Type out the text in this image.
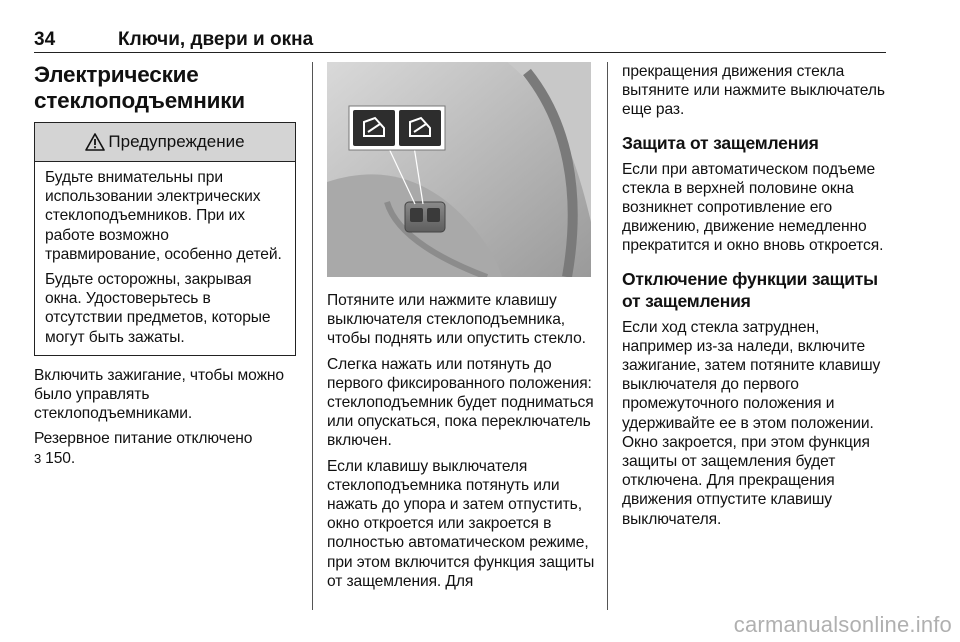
34	Ключи, двери и окна
Электрические
стеклоподъемники
Предупреждение

Будьте внимательны при использовании электрических стеклоподъемников. При их работе возможно травмирование, особенно детей.

Будьте осторожны, закрывая окна. Удостоверьтесь в отсутствии предметов, которые могут быть зажаты.

Включить зажигание, чтобы можно было управлять стеклоподъемниками.

Резервное питание отключено
3 150.

Потяните или нажмите клавишу выключателя стеклоподъемника, чтобы поднять или опустить стекло.

Слегка нажать или потянуть до первого фиксированного положения: стеклоподъемник будет подниматься или опускаться, пока переключатель включен.

Если клавишу выключателя стеклоподъемника потянуть или нажать до упора и затем отпустить, окно откроется или закроется в полностью автоматическом режиме, при этом включится функция защиты от защемления. Для

прекращения движения стекла вытяните или нажмите выключатель еще раз.

Защита от защемления

Если при автоматическом подъеме стекла в верхней половине окна возникнет сопротивление его движению, движение немедленно прекратится и окно вновь откроется.

Отключение функции защиты от защемления

Если ход стекла затруднен, например из-за наледи, включите зажигание, затем потяните клавишу выключателя до первого промежуточного положения и удерживайте ее в этом положении. Окно закроется, при этом функция защиты от защемления будет отключена. Для прекращения движения отпустите клавишу выключателя.

carmanualsonline.info
